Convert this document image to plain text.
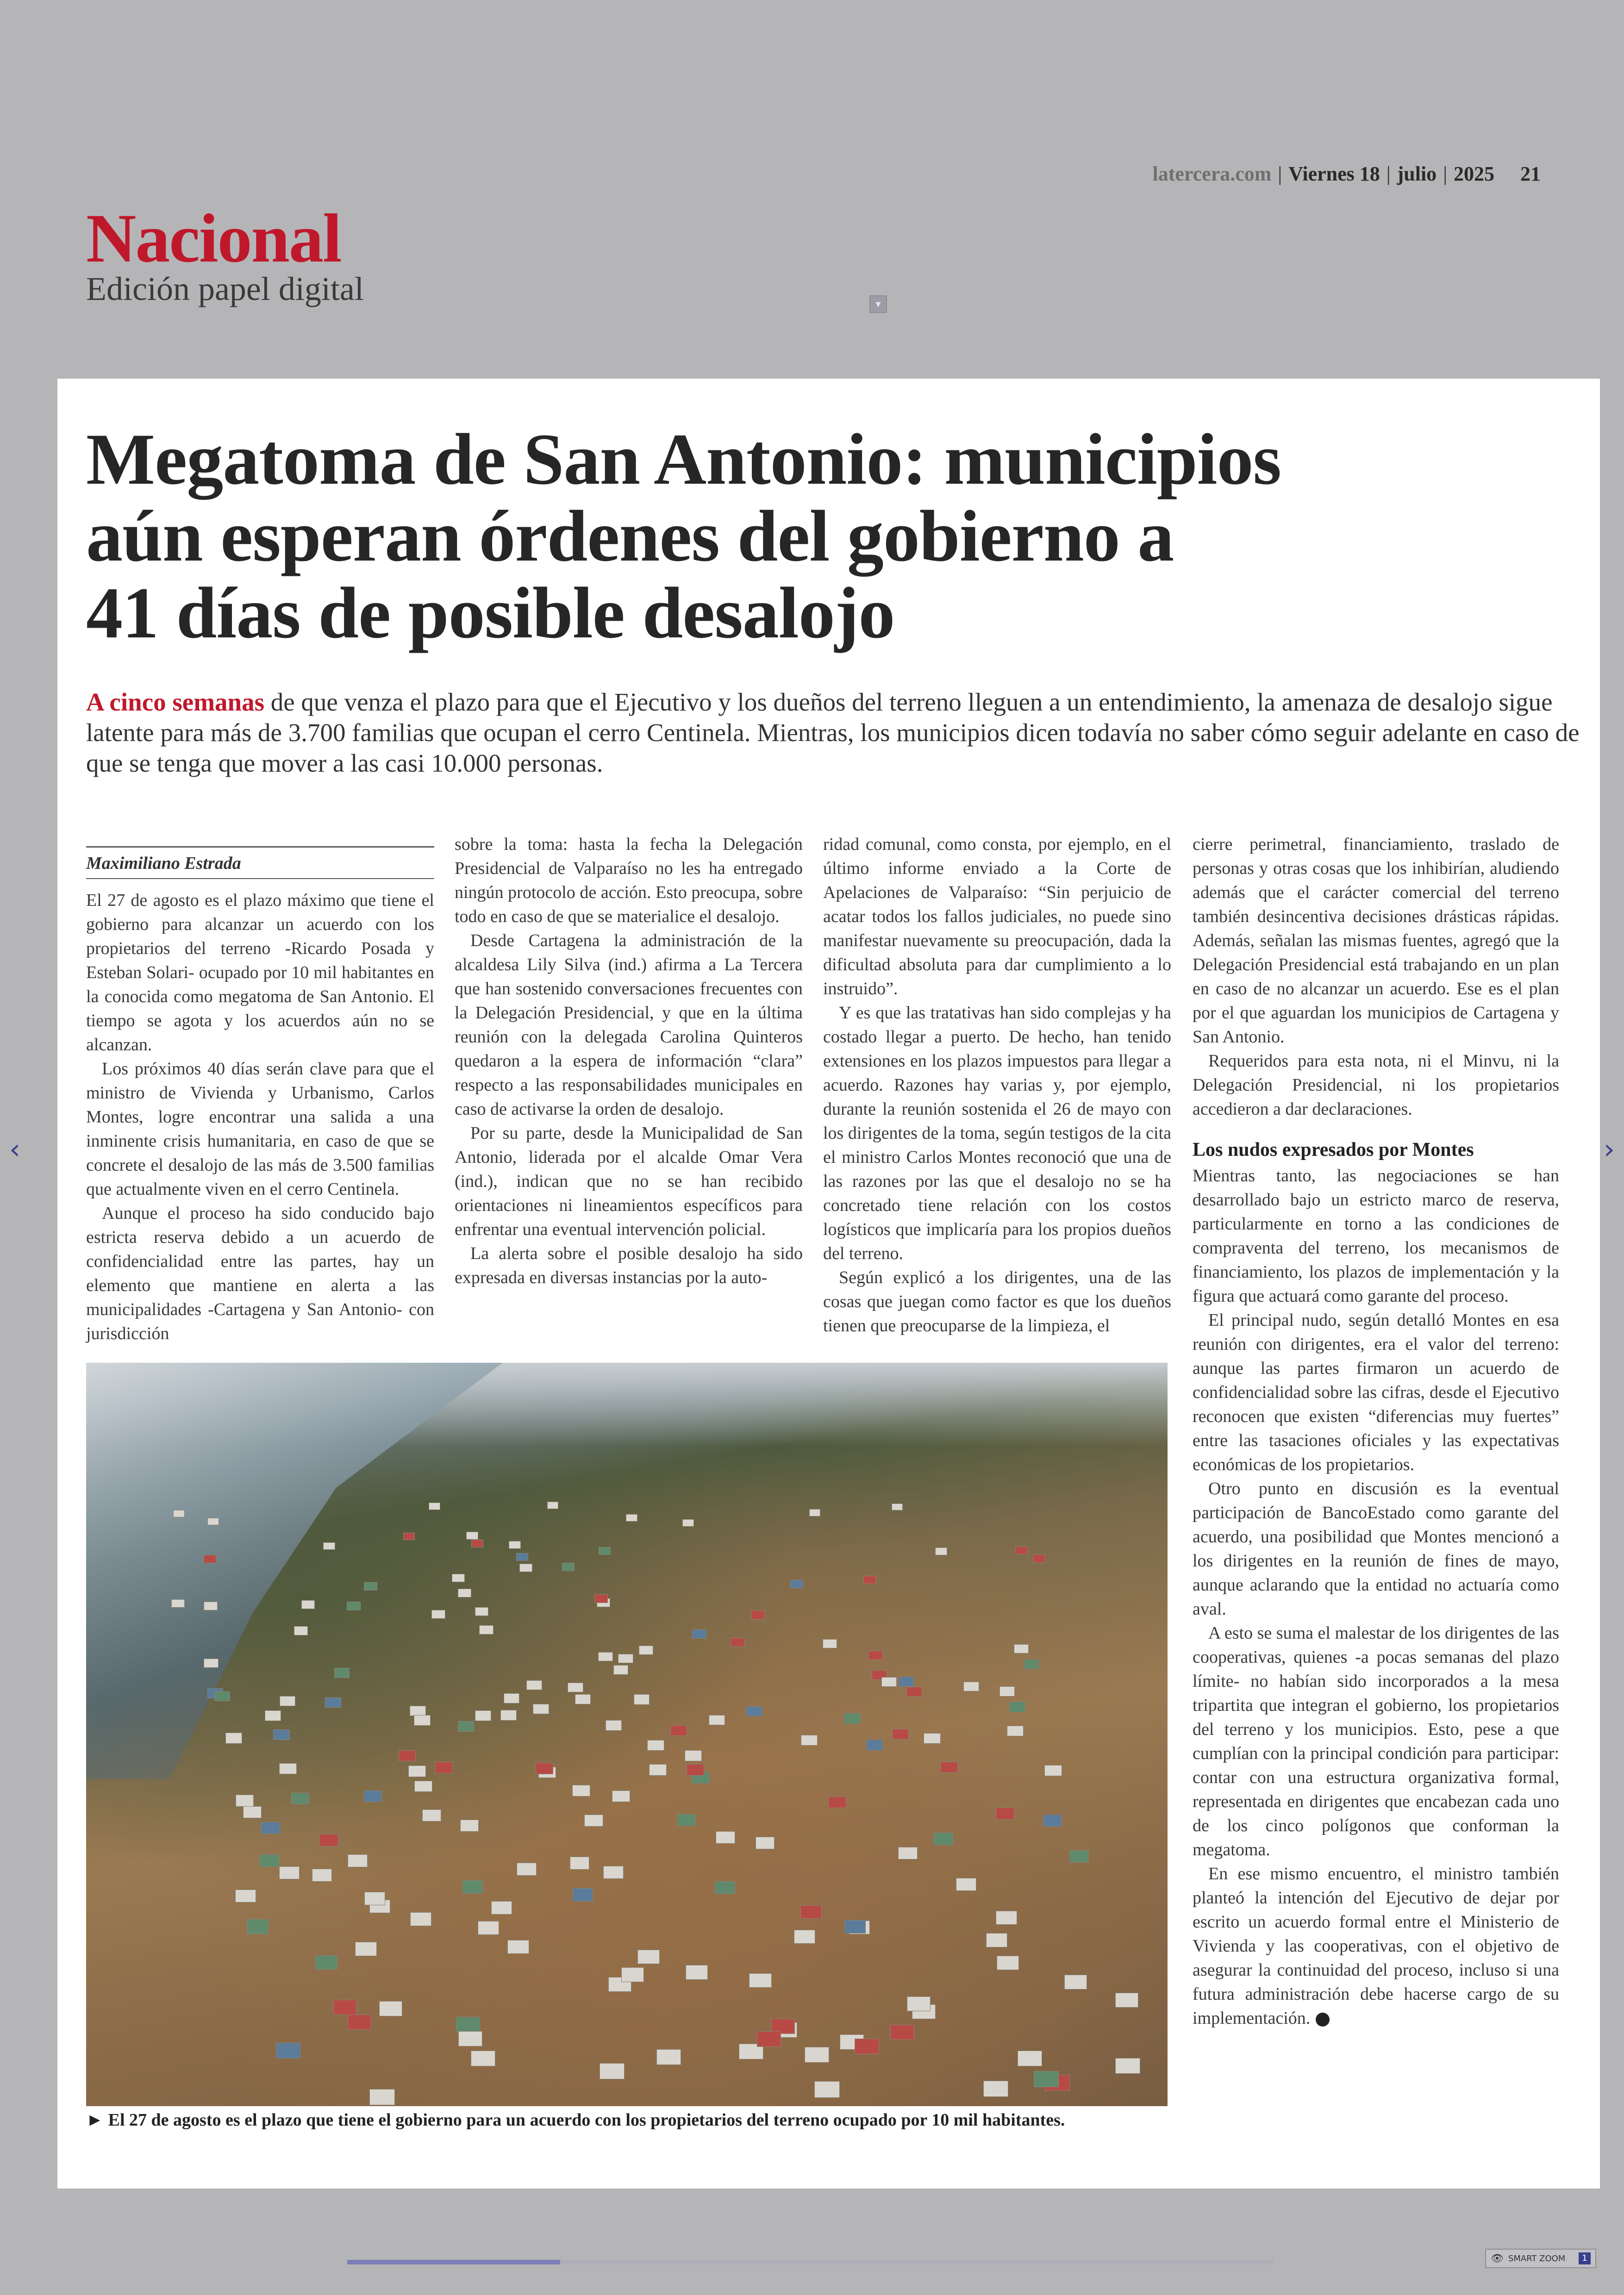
latercera.com | Viernes 18 | julio | 2025 21
Nacional
Edición papel digital	▾
‹	›
Megatoma de San Antonio: municipios
aún esperan órdenes del gobierno a
41 días de posible desalojo
A cinco semanas de que venza el plazo para que el Ejecutivo y los dueños del terreno lleguen a un entendimiento, la amenaza de desalojo sigue latente para más de 3.700 familias que ocupan el cerro Centinela. Mientras, los municipios dicen todavía no saber cómo seguir adelante en caso de que se tenga que mover a las casi 10.000 personas.
Maximiliano Estrada

El 27 de agosto es el plazo máximo que tiene el gobierno para alcanzar un acuerdo con los propietarios del terreno -Ricardo Posada y Esteban Solari- ocupado por 10 mil habitantes en la conocida como megatoma de San Antonio. El tiempo se agota y los acuerdos aún no se alcanzan.

Los próximos 40 días serán clave para que el ministro de Vivienda y Urbanismo, Carlos Montes, logre encontrar una salida a una inminente crisis humanitaria, en caso de que se concrete el desalojo de las más de 3.500 familias que actualmente viven en el cerro Centinela.

Aunque el proceso ha sido conducido bajo estricta reserva debido a un acuerdo de confidencialidad entre las partes, hay un elemento que mantiene en alerta a las municipalidades -Cartagena y San Antonio- con jurisdicción

sobre la toma: hasta la fecha la Delegación Presidencial de Valparaíso no les ha entregado ningún protocolo de acción. Esto preocupa, sobre todo en caso de que se materialice el desalojo.

Desde Cartagena la administración de la alcaldesa Lily Silva (ind.) afirma a La Tercera que han sostenido conversaciones frecuentes con la Delegación Presidencial, y que en la última reunión con la delegada Carolina Quinteros quedaron a la espera de información “clara” respecto a las responsabilidades municipales en caso de activarse la orden de desalojo.

Por su parte, desde la Municipalidad de San Antonio, liderada por el alcalde Omar Vera (ind.), indican que no se han recibido orientaciones ni lineamientos específicos para enfrentar una eventual intervención policial.

La alerta sobre el posible desalojo ha sido expresada en diversas instancias por la auto-

ridad comunal, como consta, por ejemplo, en el último informe enviado a la Corte de Apelaciones de Valparaíso: “Sin perjuicio de acatar todos los fallos judiciales, no puede sino manifestar nuevamente su preocupación, dada la dificultad absoluta para dar cumplimiento a lo instruido”.

Y es que las tratativas han sido complejas y ha costado llegar a puerto. De hecho, han tenido extensiones en los plazos impuestos para llegar a acuerdo. Razones hay varias y, por ejemplo, durante la reunión sostenida el 26 de mayo con los dirigentes de la toma, según testigos de la cita el ministro Carlos Montes reconoció que una de las razones por las que el desalojo no se ha concretado tiene relación con los costos logísticos que implicaría para los propios dueños del terreno.

Según explicó a los dirigentes, una de las cosas que juegan como factor es que los dueños tienen que preocuparse de la limpieza, el

cierre perimetral, financiamiento, traslado de personas y otras cosas que los inhibirían, aludiendo además que el carácter comercial del terreno también desincentiva decisiones drásticas rápidas. Además, señalan las mismas fuentes, agregó que la Delegación Presidencial está trabajando en un plan en caso de no alcanzar un acuerdo. Ese es el plan por el que aguardan los municipios de Cartagena y San Antonio.

Requeridos para esta nota, ni el Minvu, ni la Delegación Presidencial, ni los propietarios accedieron a dar declaraciones.

Los nudos expresados por Montes

Mientras tanto, las negociaciones se han desarrollado bajo un estricto marco de reserva, particularmente en torno a las condiciones de compraventa del terreno, los mecanismos de financiamiento, los plazos de implementación y la figura que actuará como garante del proceso.

El principal nudo, según detalló Montes en esa reunión con dirigentes, era el valor del terreno: aunque las partes firmaron un acuerdo de confidencialidad sobre las cifras, desde el Ejecutivo reconocen que existen “diferencias muy fuertes” entre las tasaciones oficiales y las expectativas económicas de los propietarios.

Otro punto en discusión es la eventual participación de BancoEstado como garante del acuerdo, una posibilidad que Montes mencionó a los dirigentes en la reunión de fines de mayo, aunque aclarando que la entidad no actuaría como aval.

A esto se suma el malestar de los dirigentes de las cooperativas, quienes -a pocas semanas del plazo límite- no habían sido incorporados a la mesa tripartita que integran el gobierno, los propietarios del terreno y los municipios. Esto, pese a que cumplían con la principal condición para participar: contar con una estructura organizativa formal, representada en dirigentes que encabezan cada uno de los cinco polígonos que conforman la megatoma.

En ese mismo encuentro, el ministro también planteó la intención del Ejecutivo de dejar por escrito un acuerdo formal entre el Ministerio de Vivienda y las cooperativas, con el objetivo de asegurar la continuidad del proceso, incluso si una futura administración debe hacerse cargo de su implementación.

► El 27 de agosto es el plazo que tiene el gobierno para un acuerdo con los propietarios del terreno ocupado por 10 mil habitantes.
👁 SMART ZOOM	1
